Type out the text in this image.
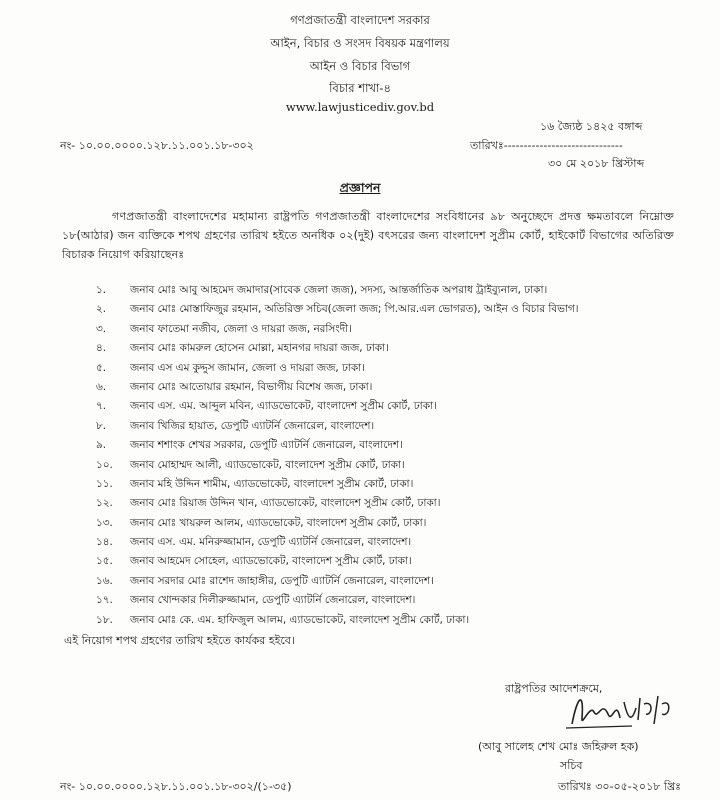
গণপ্রজাতন্ত্রী বাংলাদেশ সরকার
আইন, বিচার ও সংসদ বিষয়ক মন্ত্রণালয়
আইন ও বিচার বিভাগ
বিচার শাখা-৪
www.lawjusticediv.gov.bd
১৬ জ্যৈষ্ঠ ১৪২৫ বঙ্গাব্দ
নং- ১০.০০.০০০০.১২৮.১১.০০১.১৮-৩০২	তারিখঃ------------------------------
৩০ মে ২০১৮ খ্রিস্টাব্দ
প্রজ্ঞাপন
গণপ্রজাতন্ত্রী বাংলাদেশের মহামান্য রাষ্ট্রপতি গণপ্রজাতন্ত্রী বাংলাদেশের সংবিধানের ৯৮ অনুচ্ছেদে প্রদত্ত ক্ষমতাবলে নিম্নোক্ত ১৮(আঠার) জন ব্যক্তিকে শপথ গ্রহণের তারিখ হইতে অনধিক ০২(দুই) বৎসরের জন্য বাংলাদেশ সুপ্রীম কোর্ট, হাইকোর্ট বিভাগের অতিরিক্ত বিচারক নিয়োগ করিয়াছেনঃ
১. জনাব মোঃ আবু আহমেদ জমাদার(সাবেক জেলা জজ), সদস্য, আন্তর্জাতিক অপরাধ ট্রাইব্যুনাল, ঢাকা।
২. জনাব মোঃ মোস্তাফিজুর রহমান, অতিরিক্ত সচিব(জেলা জজ; পি.আর.এল ভোগরত), আইন ও বিচার বিভাগ।
৩. জনাব ফাতেমা নজীব, জেলা ও দায়রা জজ, নরসিংদী।
৪. জনাব মোঃ কামরুল হোসেন মোল্লা, মহানগর দায়রা জজ, ঢাকা।
৫. জনাব এস এম কুদ্দুস জামান, জেলা ও দায়রা জজ, ঢাকা।
৬. জনাব মোঃ আতোয়ার রহমান, বিভাগীয় বিশেষ জজ, ঢাকা।
৭. জনাব এস. এম. আব্দুল মবিন, এ্যাডভোকেট, বাংলাদেশ সুপ্রীম কোর্ট, ঢাকা।
৮. জনাব খিজির হায়াত, ডেপুটি এ্যাটর্নি জেনারেল, বাংলাদেশ।
৯. জনাব শশাংক শেখর সরকার, ডেপুটি এ্যাটর্নি জেনারেল, বাংলাদেশ।
১০. জনাব মোহাম্মদ আলী, এ্যাডভোকেট, বাংলাদেশ সুপ্রীম কোর্ট, ঢাকা।
১১. জনাব মহি উদ্দিন শামীম, এ্যাডভোকেট, বাংলাদেশ সুপ্রীম কোর্ট, ঢাকা।
১২. জনাব মোঃ রিয়াজ উদ্দিন খান, এ্যাডভোকেট, বাংলাদেশ সুপ্রীম কোর্ট, ঢাকা।
১৩. জনাব মোঃ খায়রুল আলম, এ্যাডভোকেট, বাংলাদেশ সুপ্রীম কোর্ট, ঢাকা।
১৪. জনাব এস. এম. মনিরুজ্জামান, ডেপুটি এ্যাটর্নি জেনারেল, বাংলাদেশ।
১৫. জনাব আহমেদ সোহেল, এ্যাডভোকেট, বাংলাদেশ সুপ্রীম কোর্ট, ঢাকা।
১৬. জনাব সরদার মোঃ রাশেদ জাহাঙ্গীর, ডেপুটি এ্যাটর্নি জেনারেল, বাংলাদেশ।
১৭. জনাব খোন্দকার দিলীরুজ্জামান, ডেপুটি এ্যাটর্নি জেনারেল, বাংলাদেশ।
১৮. জনাব মোঃ কে. এম. হাফিজুল আলম, এ্যাডভোকেট, বাংলাদেশ সুপ্রীম কোর্ট, ঢাকা।
এই নিয়োগ শপথ গ্রহণের তারিখ হইতে কার্যকর হইবে।
রাষ্ট্রপতির আদেশক্রমে,
(আবু সালেহ শেখ মোঃ জহিরুল হক)
সচিব
নং- ১০.০০.০০০০.১২৮.১১.০০১.১৮-৩০২/(১-৩৫)	তারিখঃ ৩০-০৫-২০১৮ খ্রিঃ
